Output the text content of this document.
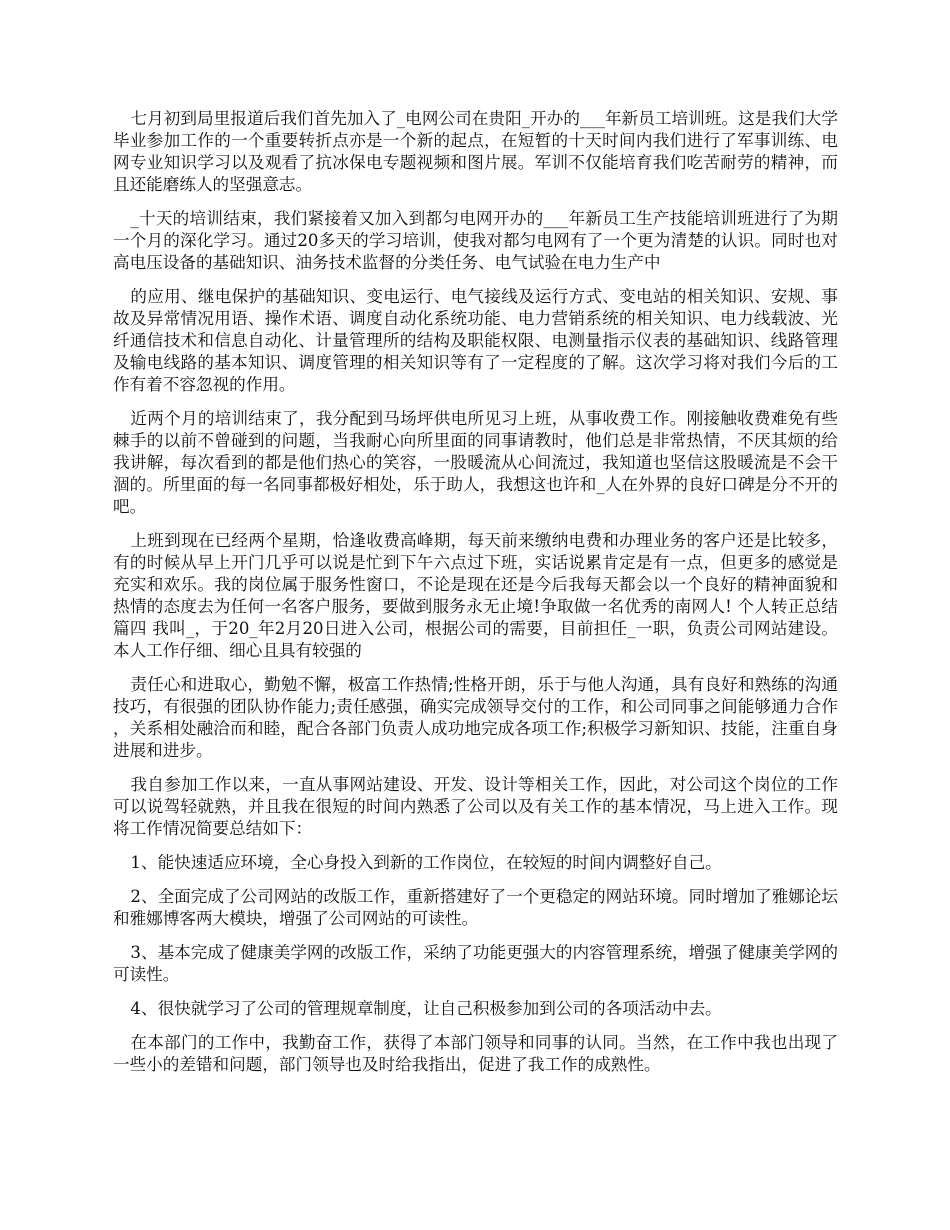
七月初到局里报道后我们首先加入了_电网公司在贵阳_开办的___年新员工培训班。这是我们大学毕业参加工作的一个重要转折点亦是一个新的起点，在短暂的十天时间内我们进行了军事训练、电网专业知识学习以及观看了抗冰保电专题视频和图片展。军训不仅能培育我们吃苦耐劳的精神，而且还能磨练人的坚强意志。

_十天的培训结束，我们紧接着又加入到都匀电网开办的___年新员工生产技能培训班进行了为期一个月的深化学习。通过20多天的学习培训，使我对都匀电网有了一个更为清楚的认识。同时也对高电压设备的基础知识、油务技术监督的分类任务、电气试验在电力生产中

的应用、继电保护的基础知识、变电运行、电气接线及运行方式、变电站的相关知识、安规、事故及异常情况用语、操作术语、调度自动化系统功能、电力营销系统的相关知识、电力线载波、光纤通信技术和信息自动化、计量管理所的结构及职能权限、电测量指示仪表的基础知识、线路管理及输电线路的基本知识、调度管理的相关知识等有了一定程度的了解。这次学习将对我们今后的工作有着不容忽视的作用。

近两个月的培训结束了，我分配到马场坪供电所见习上班，从事收费工作。刚接触收费难免有些棘手的以前不曾碰到的问题，当我耐心向所里面的同事请教时，他们总是非常热情，不厌其烦的给我讲解，每次看到的都是他们热心的笑容，一股暖流从心间流过，我知道也坚信这股暖流是不会干涸的。所里面的每一名同事都极好相处，乐于助人，我想这也许和_人在外界的良好口碑是分不开的吧。

上班到现在已经两个星期，恰逢收费高峰期，每天前来缴纳电费和办理业务的客户还是比较多，有的时候从早上开门几乎可以说是忙到下午六点过下班，实话说累肯定是有一点，但更多的感觉是充实和欢乐。我的岗位属于服务性窗口，不论是现在还是今后我每天都会以一个良好的精神面貌和热情的态度去为任何一名客户服务，要做到服务永无止境!争取做一名优秀的南网人! 个人转正总结 篇四 我叫_，于20_年2月20日进入公司，根据公司的需要，目前担任_一职，负责公司网站建设。本人工作仔细、细心且具有较强的

责任心和进取心，勤勉不懈，极富工作热情;性格开朗，乐于与他人沟通，具有良好和熟练的沟通技巧，有很强的团队协作能力;责任感强，确实完成领导交付的工作，和公司同事之间能够通力合作，关系相处融洽而和睦，配合各部门负责人成功地完成各项工作;积极学习新知识、技能，注重自身进展和进步。

我自参加工作以来，一直从事网站建设、开发、设计等相关工作，因此，对公司这个岗位的工作可以说驾轻就熟，并且我在很短的时间内熟悉了公司以及有关工作的基本情况，马上进入工作。现将工作情况简要总结如下：

1、能快速适应环境，全心身投入到新的工作岗位，在较短的时间内调整好自己。

2、全面完成了公司网站的改版工作，重新搭建好了一个更稳定的网站环境。同时增加了雅娜论坛和雅娜博客两大模块，增强了公司网站的可读性。

3、基本完成了健康美学网的改版工作，采纳了功能更强大的内容管理系统，增强了健康美学网的可读性。

4、很快就学习了公司的管理规章制度，让自己积极参加到公司的各项活动中去。

在本部门的工作中，我勤奋工作，获得了本部门领导和同事的认同。当然，在工作中我也出现了一些小的差错和问题，部门领导也及时给我指出，促进了我工作的成熟性。
